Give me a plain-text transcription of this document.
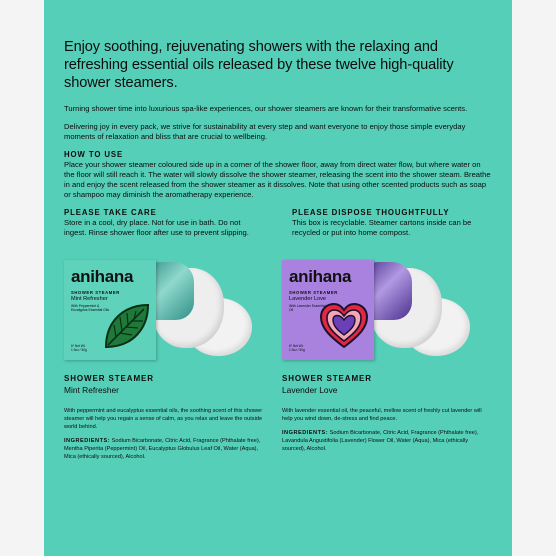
Enjoy soothing, rejuvenating showers with the relaxing and refreshing essential oils released by these twelve high-quality shower steamers.

Turning shower time into luxurious spa-like experiences, our shower steamers are known for their transformative scents.

Delivering joy in every pack, we strive for sustainability at every step and want everyone to enjoy those simple everyday moments of relaxation and bliss that are crucial to wellbeing.

HOW TO USE

Place your shower steamer coloured side up in a corner of the shower floor, away from direct water flow, but where water on the floor will still reach it. The water will slowly dissolve the shower steamer, releasing the scent into the shower steam. Breathe in and enjoy the scent released from the shower steamer as it dissolves. Note that using other scented products such as soap or shampoo may diminish the aromatherapy experience.

PLEASE TAKE CARE

Store in a cool, dry place. Not for use in bath. Do not ingest. Rinse shower floor after use to prevent slipping.

PLEASE DISPOSE THOUGHTFULLY

This box is recyclable. Steamer cartons inside can be recycled or put into home compost.

anihana
SHOWER STEAMER
Mint Refresher
With Peppermint & Eucalyptus Essential Oils
6* Net Wt.
1.9oz / 50g

SHOWER STEAMER

Mint Refresher

With peppermint and eucalyptus essential oils, the soothing scent of this shower steamer will help you regain a sense of calm, as you relax and leave the outside world behind.

INGREDIENTS: Sodium Bicarbonate, Citric Acid, Fragrance (Phthalate free), Mentha Piperita (Peppermint) Oil, Eucalyptus Globulus Leaf Oil, Water (Aqua), Mica (ethically sourced), Alcohol.

anihana
SHOWER STEAMER
Lavender Love
With Lavender Essential Oil
6* Net Wt.
1.9oz / 50g

SHOWER STEAMER

Lavender Love

With lavender essential oil, the peaceful, mellow scent of freshly cut lavender will help you wind down, de-stress and find peace.

INGREDIENTS: Sodium Bicarbonate, Citric Acid, Fragrance (Phthalate free), Lavandula Angustifolia (Lavender) Flower Oil, Water (Aqua), Mica (ethically sourced), Alcohol.
